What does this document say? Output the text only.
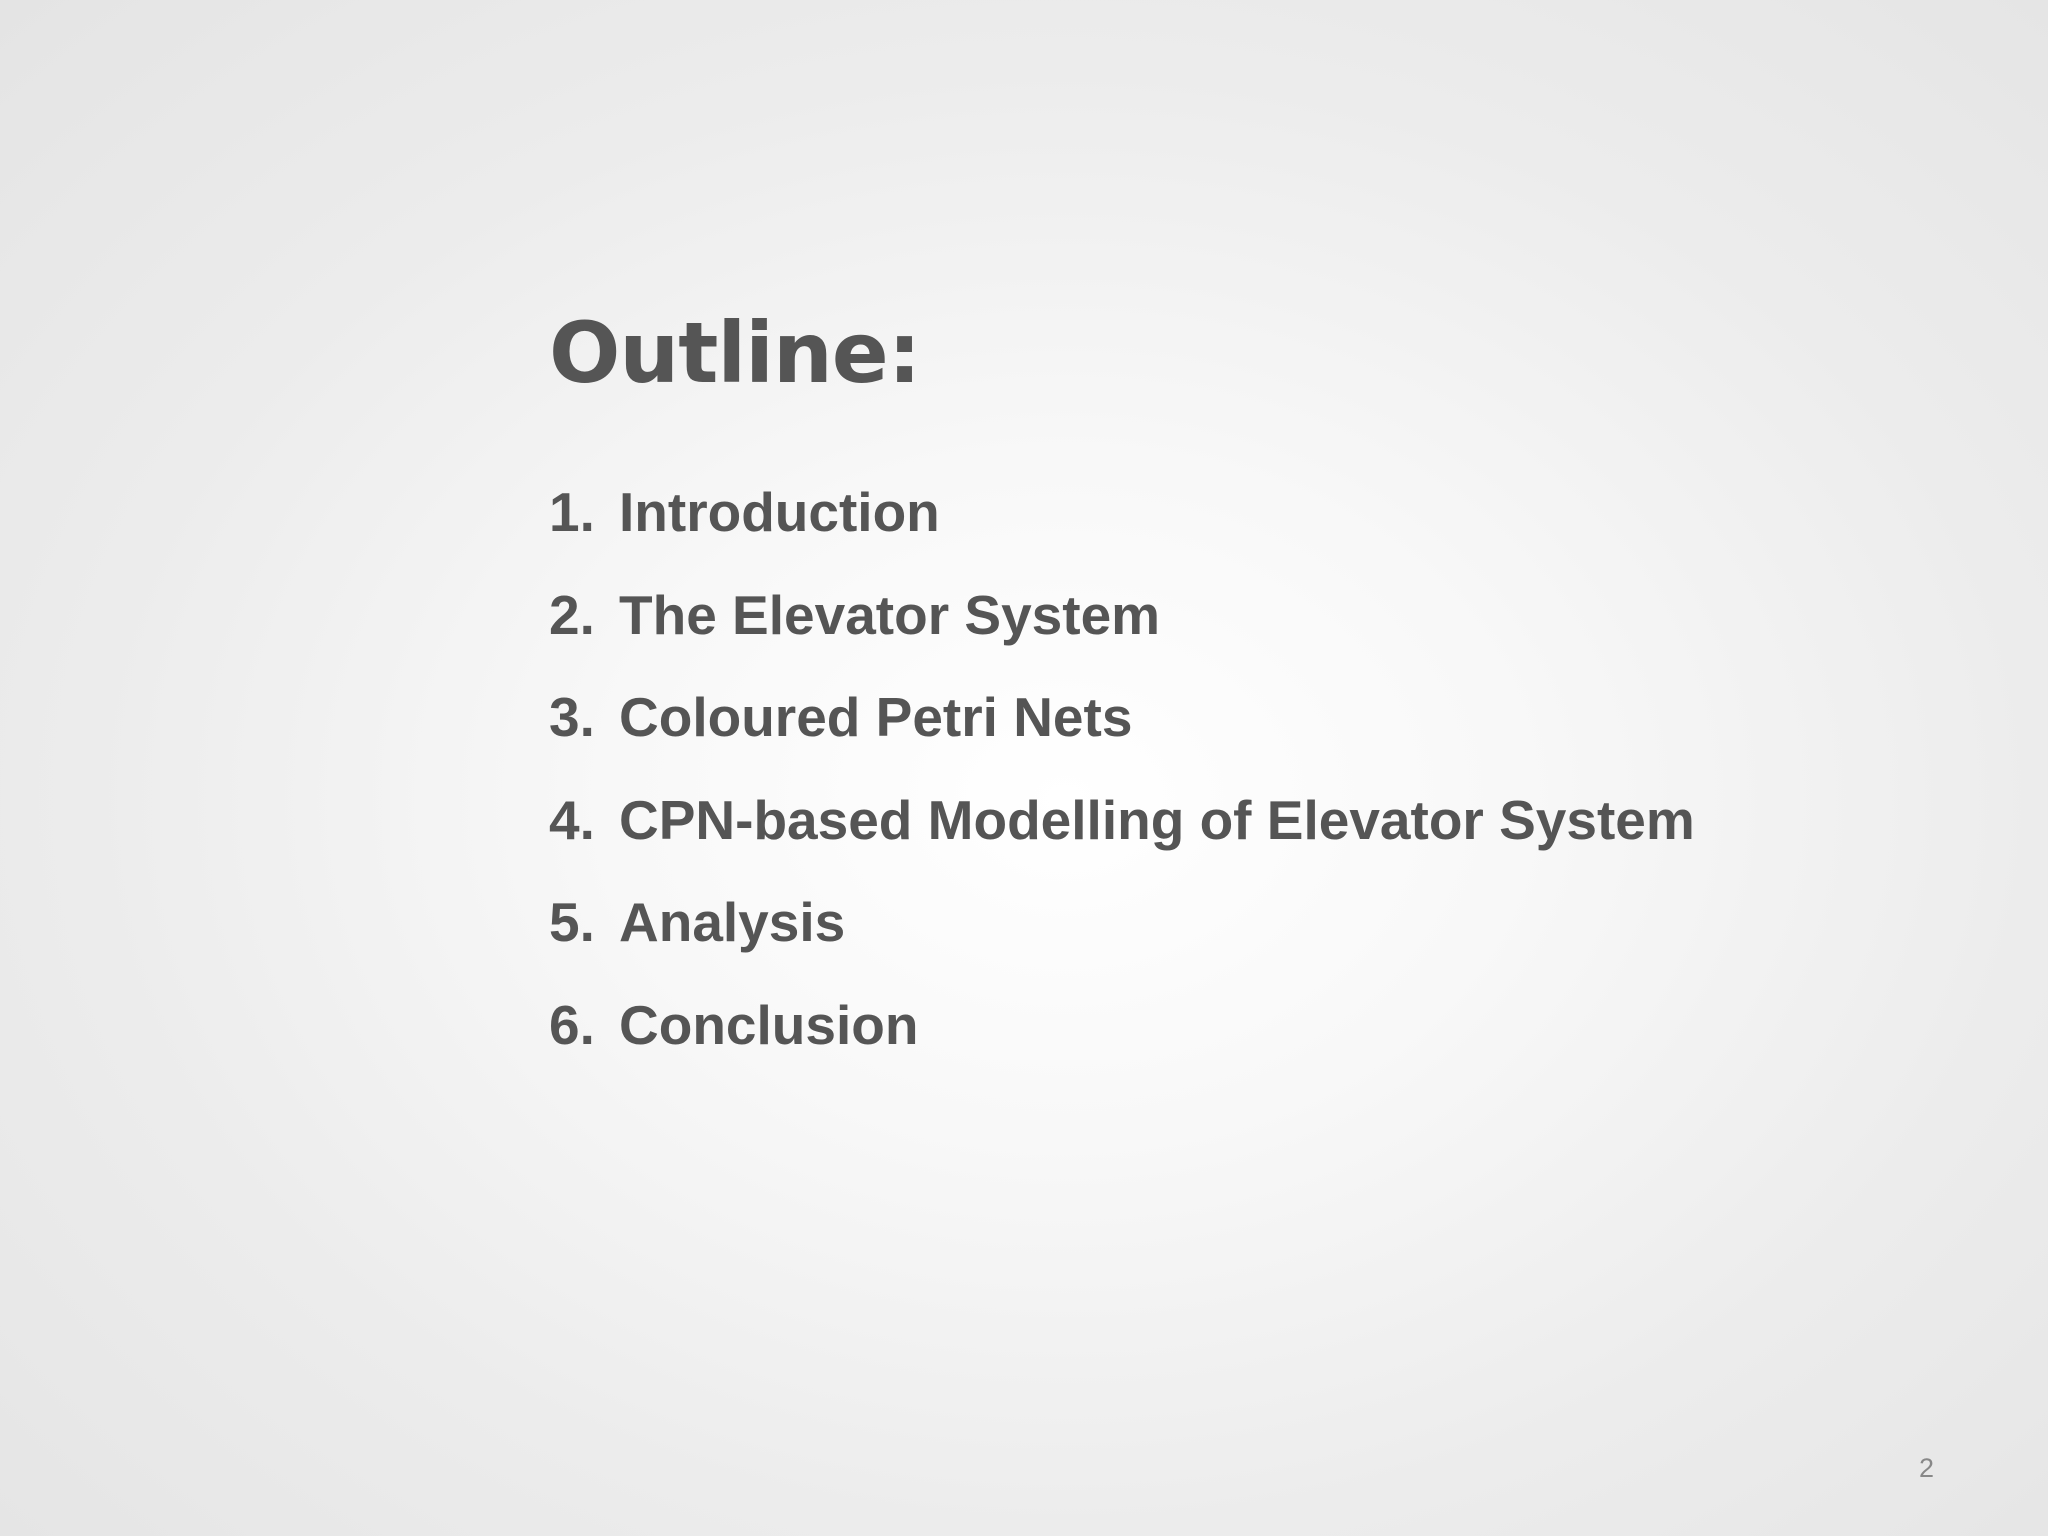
Outline:
1. Introduction
2. The Elevator System
3. Coloured Petri Nets
4. CPN-based Modelling of Elevator System
5. Analysis
6. Conclusion
2
